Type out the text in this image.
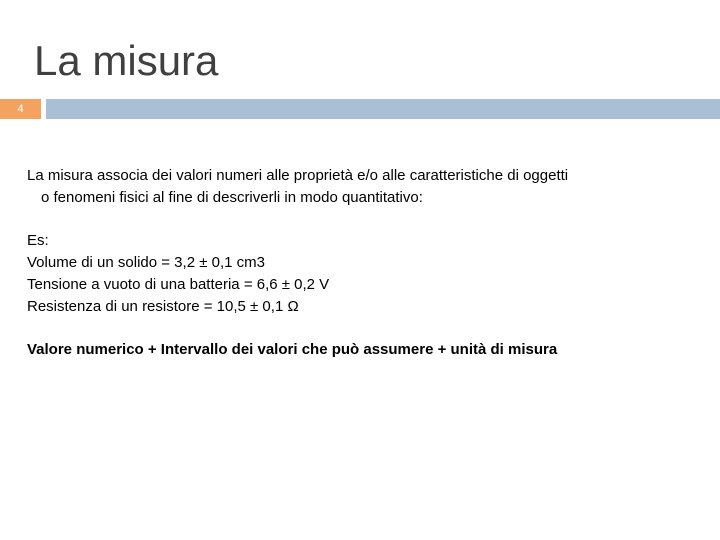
La misura
4
La misura associa dei valori numeri alle proprietà e/o alle caratteristiche di oggetti
o fenomeni fisici al fine di descriverli in modo quantitativo:
Es:
Volume di un solido = 3,2 ± 0,1 cm3
Tensione a vuoto di una batteria = 6,6 ± 0,2 V
Resistenza di un resistore = 10,5 ± 0,1 Ω
Valore numerico + Intervallo dei valori che può assumere + unità di misura
